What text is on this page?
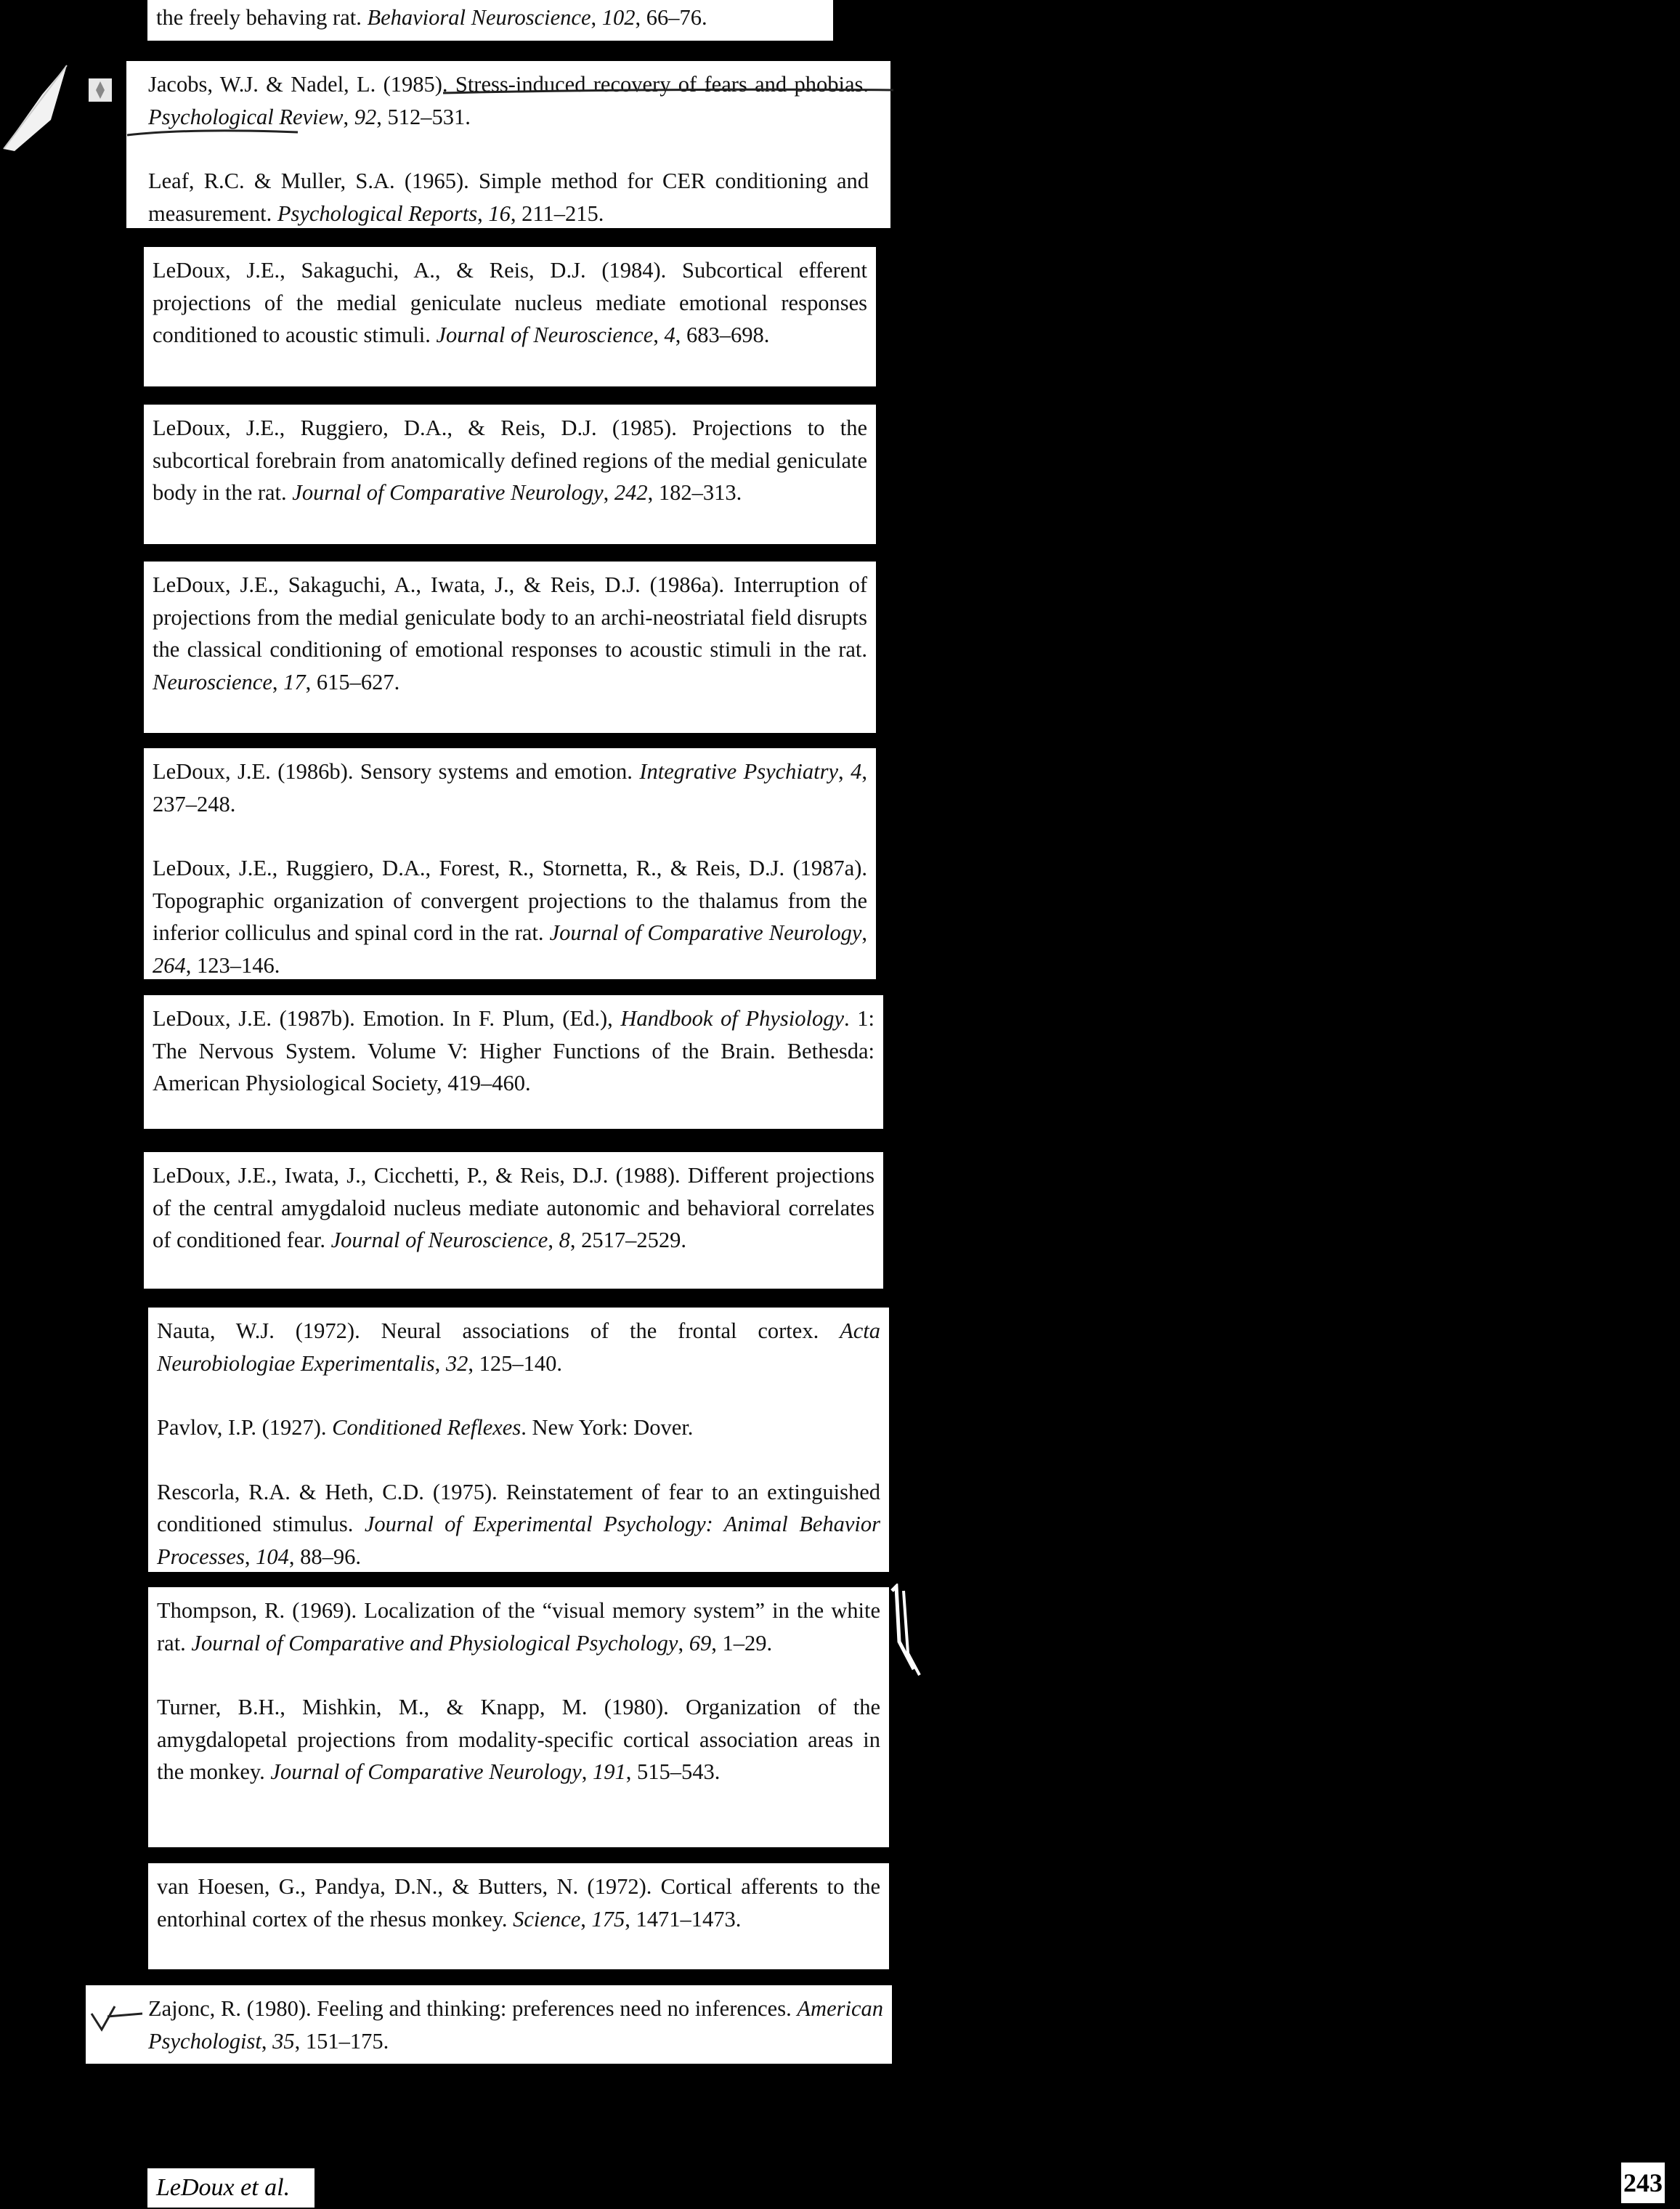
the freely behaving rat. Behavioral Neuroscience, 102, 66–76.

Jacobs, W.J. & Nadel, L. (1985). Stress-induced recovery of fears and phobias. Psychological Review, 92, 512–531.

Leaf, R.C. & Muller, S.A. (1965). Simple method for CER conditioning and measurement. Psychological Reports, 16, 211–215.

LeDoux, J.E., Sakaguchi, A., & Reis, D.J. (1984). Subcortical efferent projections of the medial geniculate nucleus mediate emotional responses conditioned to acoustic stimuli. Journal of Neuroscience, 4, 683–698.

LeDoux, J.E., Ruggiero, D.A., & Reis, D.J. (1985). Projections to the subcortical forebrain from anatomically defined regions of the medial geniculate body in the rat. Journal of Comparative Neurology, 242, 182–313.

LeDoux, J.E., Sakaguchi, A., Iwata, J., & Reis, D.J. (1986a). Interruption of projections from the medial geniculate body to an archi-neostriatal field disrupts the classical conditioning of emotional responses to acoustic stimuli in the rat. Neuroscience, 17, 615–627.

LeDoux, J.E. (1986b). Sensory systems and emotion. Integrative Psychiatry, 4, 237–248.

LeDoux, J.E., Ruggiero, D.A., Forest, R., Stornetta, R., & Reis, D.J. (1987a). Topographic organization of convergent projections to the thalamus from the inferior colliculus and spinal cord in the rat. Journal of Comparative Neurology, 264, 123–146.

LeDoux, J.E. (1987b). Emotion. In F. Plum, (Ed.), Handbook of Physiology. 1: The Nervous System. Volume V: Higher Functions of the Brain. Bethesda: American Physiological Society, 419–460.

LeDoux, J.E., Iwata, J., Cicchetti, P., & Reis, D.J. (1988). Different projections of the central amygdaloid nucleus mediate autonomic and behavioral correlates of conditioned fear. Journal of Neuroscience, 8, 2517–2529.

Nauta, W.J. (1972). Neural associations of the frontal cortex. Acta Neurobiologiae Experimentalis, 32, 125–140.

Pavlov, I.P. (1927). Conditioned Reflexes. New York: Dover.

Rescorla, R.A. & Heth, C.D. (1975). Reinstatement of fear to an extinguished conditioned stimulus. Journal of Experimental Psychology: Animal Behavior Processes, 104, 88–96.

Thompson, R. (1969). Localization of the “visual memory system” in the white rat. Journal of Comparative and Physiological Psychology, 69, 1–29.

Turner, B.H., Mishkin, M., & Knapp, M. (1980). Organization of the amygdalopetal projections from modality-specific cortical association areas in the monkey. Journal of Comparative Neurology, 191, 515–543.

van Hoesen, G., Pandya, D.N., & Butters, N. (1972). Cortical afferents to the entorhinal cortex of the rhesus monkey. Science, 175, 1471–1473.

Zajonc, R. (1980). Feeling and thinking: preferences need no inferences. American Psychologist, 35, 151–175.

LeDoux et al.	243
